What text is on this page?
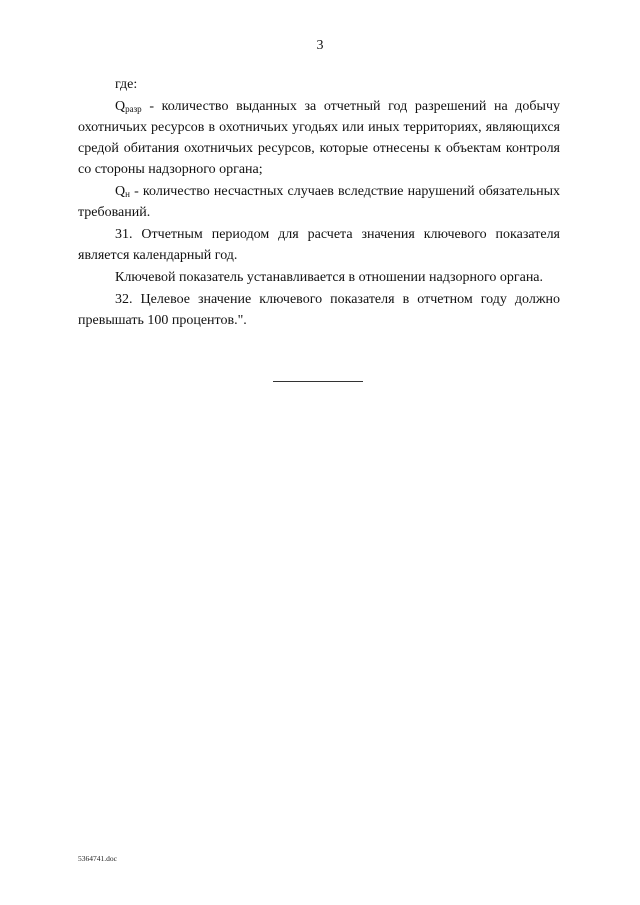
3

где:

$Q_{разр}$ - количество выданных за отчетный год разрешений на добычу охотничьих ресурсов в охотничьих угодьях или иных территориях, являющихся средой обитания охотничьих ресурсов, которые отнесены к объектам контроля со стороны надзорного органа;

$Q_н$ - количество несчастных случаев вследствие нарушений обязательных требований.

31. Отчетным периодом для расчета значения ключевого показателя является календарный год.

Ключевой показатель устанавливается в отношении надзорного органа.

32. Целевое значение ключевого показателя в отчетном году должно превышать 100 процентов.".

5364741.doc
